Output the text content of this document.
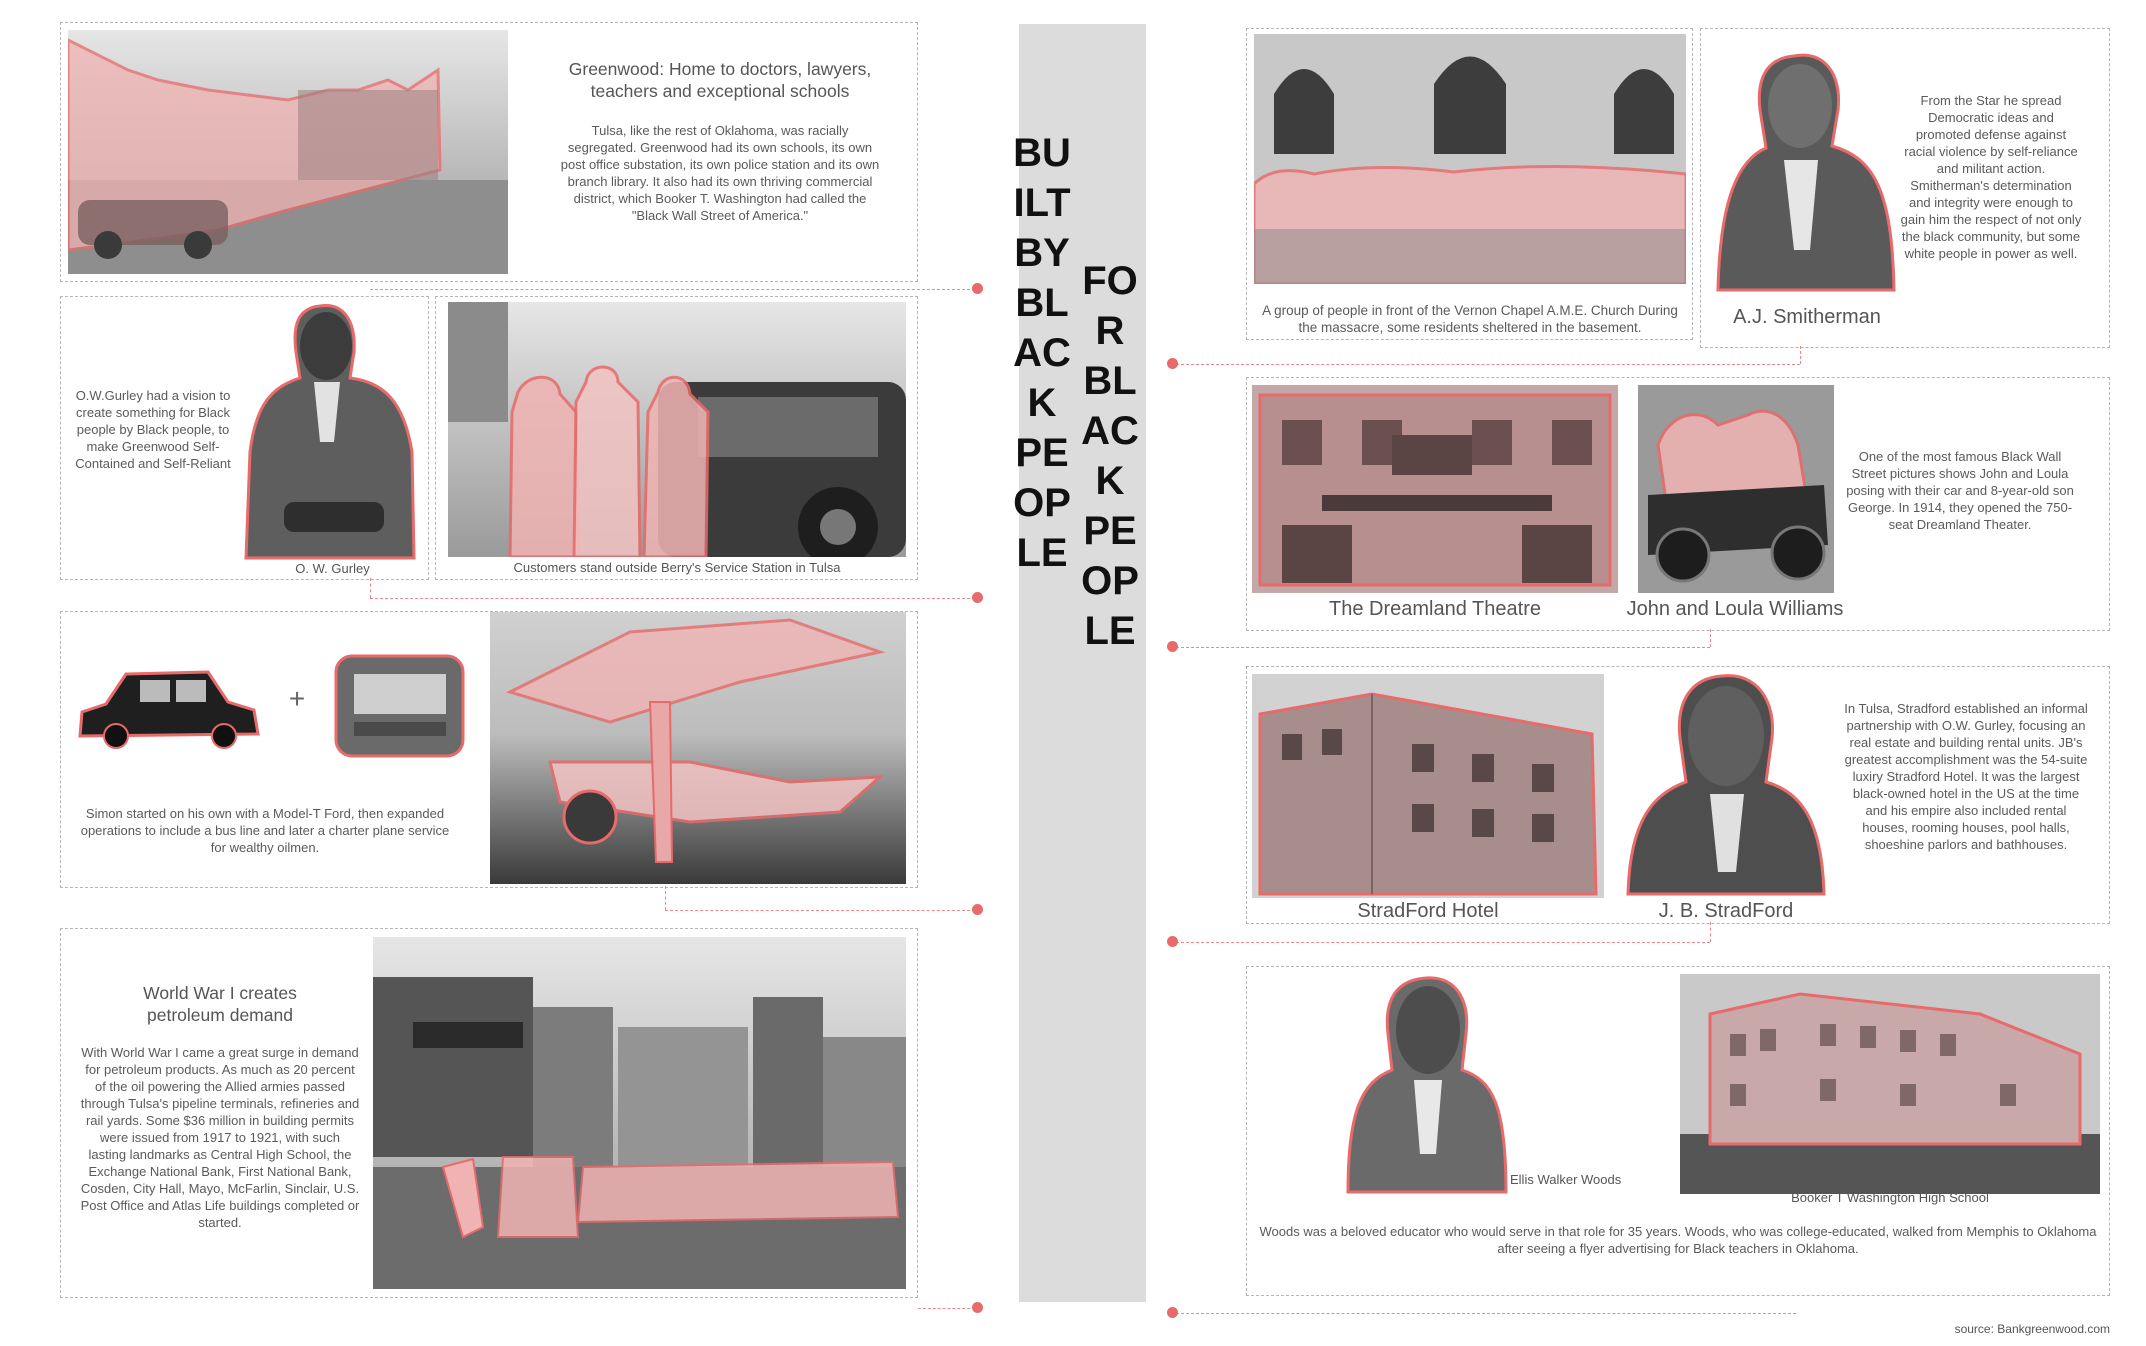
BUILT
BY
BLACK
PEOPLE
FOR
BLACK
PEOPLE
Greenwood: Home to doctors, lawyers, teachers and exceptional schools
Tulsa, like the rest of Oklahoma, was racially segregated. Greenwood had its own schools, its own post office substation, its own police station and its own branch library. It also had its own thriving commercial district, which Booker T. Washington had called the "Black Wall Street of America."
O.W.Gurley had a vision to create something for Black people by Black people, to make Greenwood Self-Contained and Self-Reliant
O. W. Gurley	Customers stand outside Berry's Service Station in Tulsa
+
Simon started on his own with a Model-T Ford, then expanded operations to include a bus line and later a charter plane service for wealthy oilmen.
World War I creates petroleum demand
With World War I came a great surge in demand for petroleum products. As much as 20 percent of the oil powering the Allied armies passed through Tulsa's pipeline terminals, refineries and rail yards. Some $36 million in building permits were issued from 1917 to 1921, with such lasting landmarks as Central High School, the Exchange National Bank, First National Bank, Cosden, City Hall, Mayo, McFarlin, Sinclair, U.S. Post Office and Atlas Life buildings completed or started.
A group of people in front of the Vernon Chapel A.M.E. Church During the massacre, some residents sheltered in the basement.
From the Star he spread Democratic ideas and promoted defense against racial violence by self-reliance and militant action. Smitherman's determination and integrity were enough to gain him the respect of not only the black community, but some white people in power as well.
A.J. Smitherman
The Dreamland Theatre	John and Loula Williams
One of the most famous Black Wall Street pictures shows John and Loula posing with their car and 8-year-old son George. In 1914, they opened the 750-seat Dreamland Theater.
StradFord Hotel	J. B. StradFord
In Tulsa, Stradford established an informal partnership with O.W. Gurley, focusing an real estate and building rental units. JB's greatest accomplishment was the 54-suite luxiry Stradford Hotel. It was the largest black-owned hotel in the US at the time and his empire also included rental houses, rooming houses, pool halls, shoeshine parlors and bathhouses.
Ellis Walker Woods
Booker T Washington High School
Woods was a beloved educator who would serve in that role for 35 years. Woods, who was college-educated, walked from Memphis to Oklahoma after seeing a flyer advertising for Black teachers in Oklahoma.
source: Bankgreenwood.com
